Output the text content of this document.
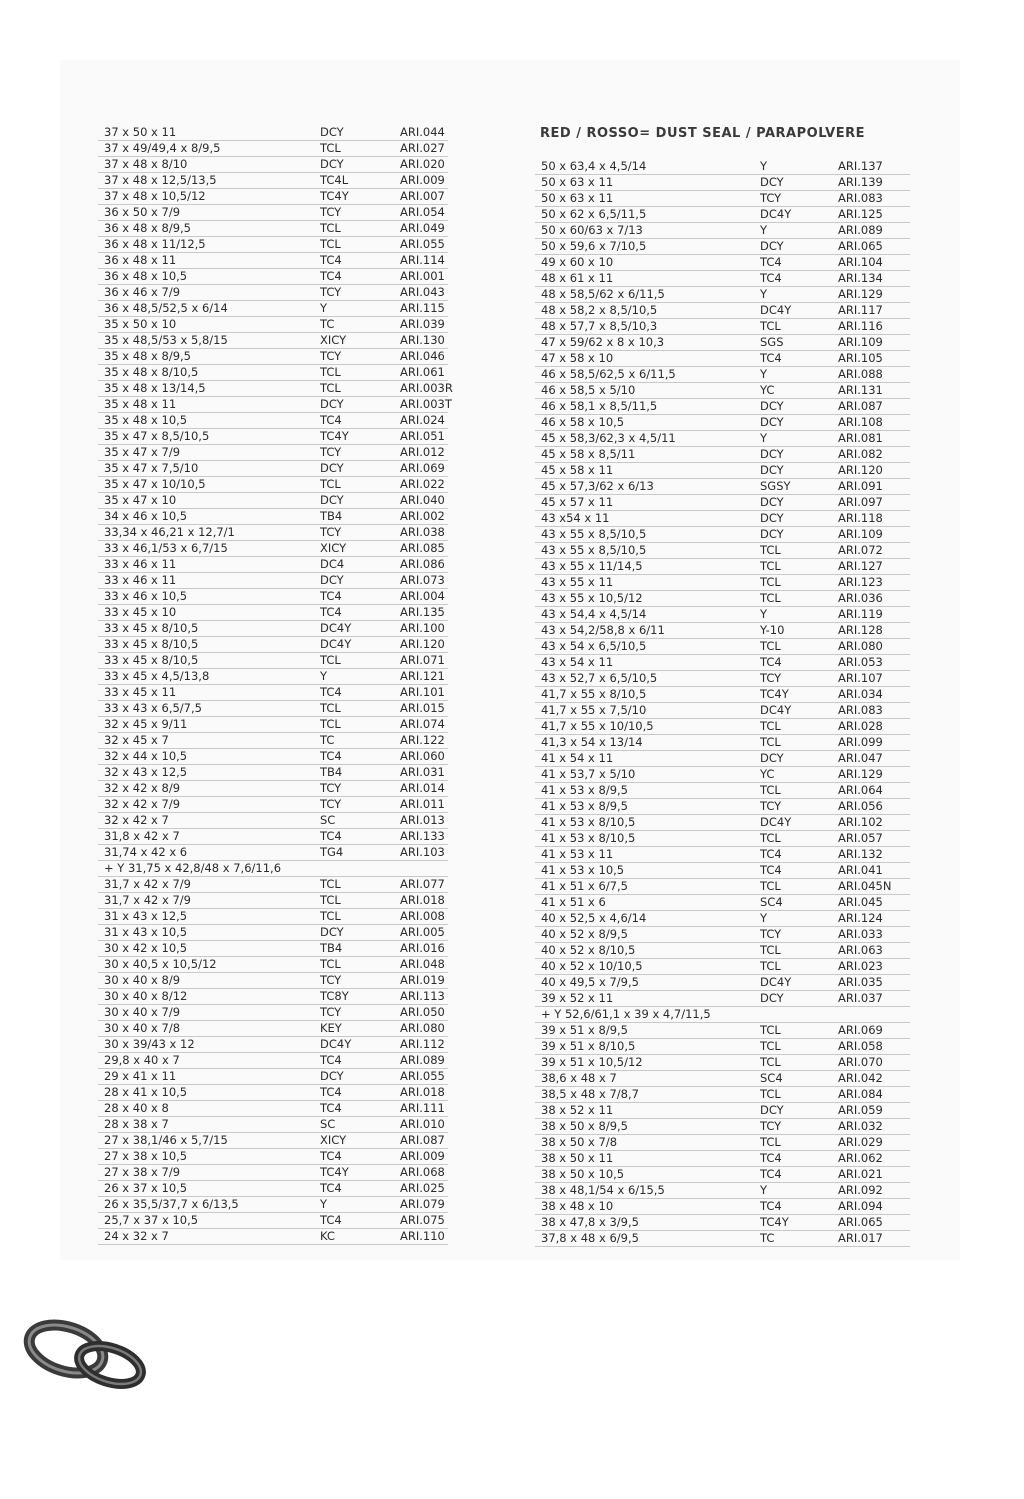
RED / ROSSO= DUST SEAL / PARAPOLVERE
37 x 50 x 11	DCY	ARI.044
37 x 49/49,4 x 8/9,5	TCL	ARI.027
37 x 48 x 8/10	DCY	ARI.020
37 x 48 x 12,5/13,5	TC4L	ARI.009
37 x 48 x 10,5/12	TC4Y	ARI.007
36 x 50 x 7/9	TCY	ARI.054
36 x 48 x 8/9,5	TCL	ARI.049
36 x 48 x 11/12,5	TCL	ARI.055
36 x 48 x 11	TC4	ARI.114
36 x 48 x 10,5	TC4	ARI.001
36 x 46 x 7/9	TCY	ARI.043
36 x 48,5/52,5 x 6/14	Y	ARI.115
35 x 50 x 10	TC	ARI.039
35 x 48,5/53 x 5,8/15	XICY	ARI.130
35 x 48 x 8/9,5	TCY	ARI.046
35 x 48 x 8/10,5	TCL	ARI.061
35 x 48 x 13/14,5	TCL	ARI.003R
35 x 48 x 11	DCY	ARI.003T
35 x 48 x 10,5	TC4	ARI.024
35 x 47 x 8,5/10,5	TC4Y	ARI.051
35 x 47 x 7/9	TCY	ARI.012
35 x 47 x 7,5/10	DCY	ARI.069
35 x 47 x 10/10,5	TCL	ARI.022
35 x 47 x 10	DCY	ARI.040
34 x 46 x 10,5	TB4	ARI.002
33,34 x 46,21 x 12,7/1	TCY	ARI.038
33 x 46,1/53 x 6,7/15	XICY	ARI.085
33 x 46 x 11	DC4	ARI.086
33 x 46 x 11	DCY	ARI.073
33 x 46 x 10,5	TC4	ARI.004
33 x 45 x 10	TC4	ARI.135
33 x 45 x 8/10,5	DC4Y	ARI.100
33 x 45 x 8/10,5	DC4Y	ARI.120
33 x 45 x 8/10,5	TCL	ARI.071
33 x 45 x 4,5/13,8	Y	ARI.121
33 x 45 x 11	TC4	ARI.101
33 x 43 x 6,5/7,5	TCL	ARI.015
32 x 45 x 9/11	TCL	ARI.074
32 x 45 x 7	TC	ARI.122
32 x 44 x 10,5	TC4	ARI.060
32 x 43 x 12,5	TB4	ARI.031
32 x 42 x 8/9	TCY	ARI.014
32 x 42 x 7/9	TCY	ARI.011
32 x 42 x 7	SC	ARI.013
31,8 x 42 x 7	TC4	ARI.133
31,74 x 42 x 6	TG4	ARI.103
+ Y 31,75 x 42,8/48 x 7,6/11,6
31,7 x 42 x 7/9	TCL	ARI.077
31,7 x 42 x 7/9	TCL	ARI.018
31 x 43 x 12,5	TCL	ARI.008
31 x 43 x 10,5	DCY	ARI.005
30 x 42 x 10,5	TB4	ARI.016
30 x 40,5 x 10,5/12	TCL	ARI.048
30 x 40 x 8/9	TCY	ARI.019
30 x 40 x 8/12	TC8Y	ARI.113
30 x 40 x 7/9	TCY	ARI.050
30 x 40 x 7/8	KEY	ARI.080
30 x 39/43 x 12	DC4Y	ARI.112
29,8 x 40 x 7	TC4	ARI.089
29 x 41 x 11	DCY	ARI.055
28 x 41 x 10,5	TC4	ARI.018
28 x 40 x 8	TC4	ARI.111
28 x 38 x 7	SC	ARI.010
27 x 38,1/46 x 5,7/15	XICY	ARI.087
27 x 38 x 10,5	TC4	ARI.009
27 x 38 x 7/9	TC4Y	ARI.068
26 x 37 x 10,5	TC4	ARI.025
26 x 35,5/37,7 x 6/13,5	Y	ARI.079
25,7 x 37 x 10,5	TC4	ARI.075
24 x 32 x 7	KC	ARI.110
50 x 63,4 x 4,5/14	Y	ARI.137
50 x 63 x 11	DCY	ARI.139
50 x 63 x 11	TCY	ARI.083
50 x 62 x 6,5/11,5	DC4Y	ARI.125
50 x 60/63 x 7/13	Y	ARI.089
50 x 59,6 x 7/10,5	DCY	ARI.065
49 x 60 x 10	TC4	ARI.104
48 x 61 x 11	TC4	ARI.134
48 x 58,5/62 x 6/11,5	Y	ARI.129
48 x 58,2 x 8,5/10,5	DC4Y	ARI.117
48 x 57,7 x 8,5/10,3	TCL	ARI.116
47 x 59/62 x 8 x 10,3	SGS	ARI.109
47 x 58 x 10	TC4	ARI.105
46 x 58,5/62,5 x 6/11,5	Y	ARI.088
46 x 58,5 x 5/10	YC	ARI.131
46 x 58,1 x 8,5/11,5	DCY	ARI.087
46 x 58 x 10,5	DCY	ARI.108
45 x 58,3/62,3 x 4,5/11	Y	ARI.081
45 x 58 x 8,5/11	DCY	ARI.082
45 x 58 x 11	DCY	ARI.120
45 x 57,3/62 x 6/13	SGSY	ARI.091
45 x 57 x 11	DCY	ARI.097
43 x54 x 11	DCY	ARI.118
43 x 55 x 8,5/10,5	DCY	ARI.109
43 x 55 x 8,5/10,5	TCL	ARI.072
43 x 55 x 11/14,5	TCL	ARI.127
43 x 55 x 11	TCL	ARI.123
43 x 55 x 10,5/12	TCL	ARI.036
43 x 54,4 x 4,5/14	Y	ARI.119
43 x 54,2/58,8 x 6/11	Y-10	ARI.128
43 x 54 x 6,5/10,5	TCL	ARI.080
43 x 54 x 11	TC4	ARI.053
43 x 52,7 x 6,5/10,5	TCY	ARI.107
41,7 x 55 x 8/10,5	TC4Y	ARI.034
41,7 x 55 x 7,5/10	DC4Y	ARI.083
41,7 x 55 x 10/10,5	TCL	ARI.028
41,3 x 54 x 13/14	TCL	ARI.099
41 x 54 x 11	DCY	ARI.047
41 x 53,7 x 5/10	YC	ARI.129
41 x 53 x 8/9,5	TCL	ARI.064
41 x 53 x 8/9,5	TCY	ARI.056
41 x 53 x 8/10,5	DC4Y	ARI.102
41 x 53 x 8/10,5	TCL	ARI.057
41 x 53 x 11	TC4	ARI.132
41 x 53 x 10,5	TC4	ARI.041
41 x 51 x 6/7,5	TCL	ARI.045N
41 x 51 x 6	SC4	ARI.045
40 x 52,5 x 4,6/14	Y	ARI.124
40 x 52 x 8/9,5	TCY	ARI.033
40 x 52 x 8/10,5	TCL	ARI.063
40 x 52 x 10/10,5	TCL	ARI.023
40 x 49,5 x 7/9,5	DC4Y	ARI.035
39 x 52 x 11	DCY	ARI.037
+ Y 52,6/61,1 x 39 x 4,7/11,5
39 x 51 x 8/9,5	TCL	ARI.069
39 x 51 x 8/10,5	TCL	ARI.058
39 x 51 x 10,5/12	TCL	ARI.070
38,6 x 48 x 7	SC4	ARI.042
38,5 x 48 x 7/8,7	TCL	ARI.084
38 x 52 x 11	DCY	ARI.059
38 x 50 x 8/9,5	TCY	ARI.032
38 x 50 x 7/8	TCL	ARI.029
38 x 50 x 11	TC4	ARI.062
38 x 50 x 10,5	TC4	ARI.021
38 x 48,1/54 x 6/15,5	Y	ARI.092
38 x 48 x 10	TC4	ARI.094
38 x 47,8 x 3/9,5	TC4Y	ARI.065
37,8 x 48 x 6/9,5	TC	ARI.017
